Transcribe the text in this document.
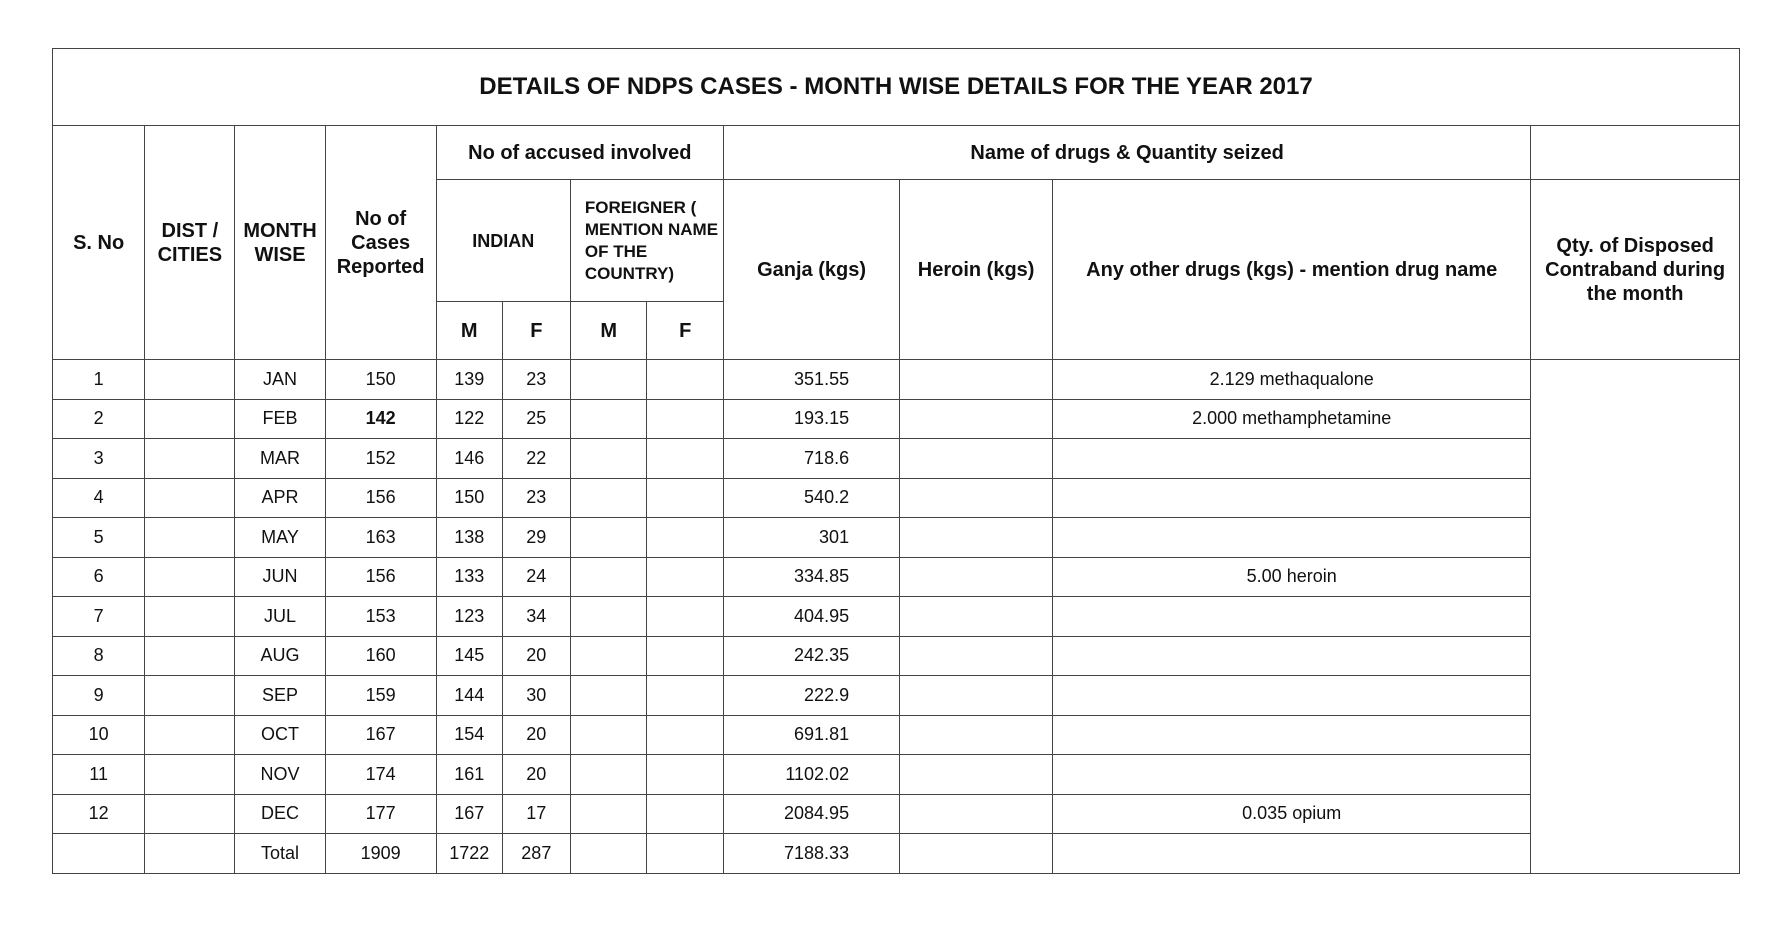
DETAILS OF NDPS CASES - MONTH WISE DETAILS FOR THE YEAR 2017											
S. No	DIST / CITIES	MONTH WISE	No of Cases Reported	No of accused involved				Name of drugs & Quantity seized			
				INDIAN		FOREIGNER ( MENTION NAME OF THE COUNTRY)		Ganja (kgs)	Heroin (kgs)	Any other drugs (kgs) - mention drug name	Qty. of Disposed Contraband during the month
				M	F	M	F				
1		JAN	150	139	23			351.55		2.129 methaqualone	
2		FEB	142	122	25			193.15		2.000 methamphetamine	
3		MAR	152	146	22			718.6			
4		APR	156	150	23			540.2			
5		MAY	163	138	29			301			
6		JUN	156	133	24			334.85		5.00 heroin	
7		JUL	153	123	34			404.95			
8		AUG	160	145	20			242.35			
9		SEP	159	144	30			222.9			
10		OCT	167	154	20			691.81			
11		NOV	174	161	20			1102.02			
12		DEC	177	167	17			2084.95		0.035 opium	
		Total	1909	1722	287			7188.33			
